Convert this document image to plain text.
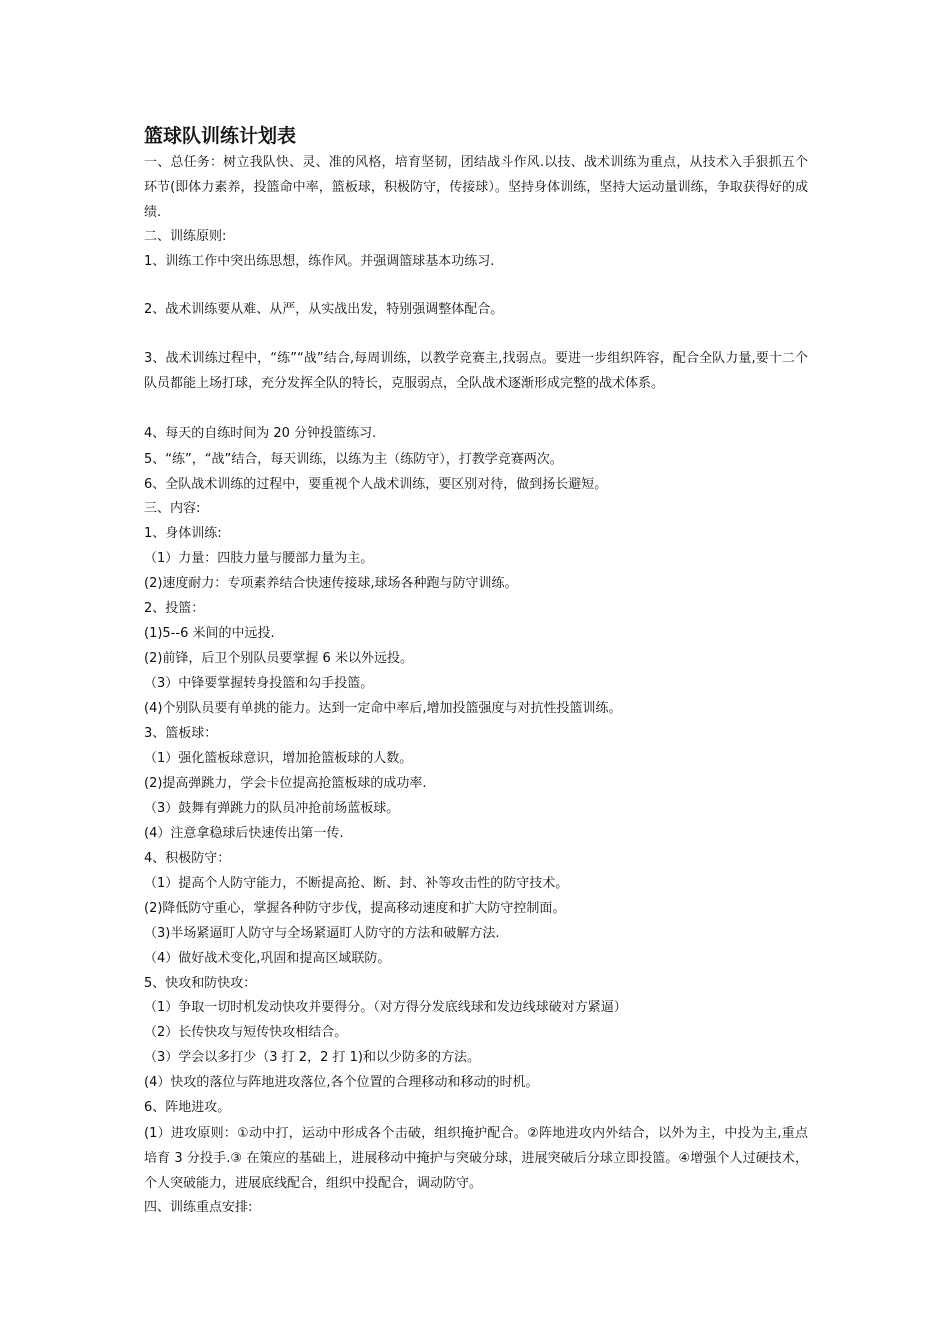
篮球队训练计划表
一、总任务：树立我队快、灵、准的风格，培育坚韧，团结战斗作风.以技、战术训练为重点，从技术入手狠抓五个环节(即体力素养，投篮命中率，篮板球，积极防守，传接球）。坚持身体训练，坚持大运动量训练，争取获得好的成绩.
二、训练原则:
1、训练工作中突出练思想，练作风。并强调篮球基本功练习.
2、战术训练要从难、从严，从实战出发，特别强调整体配合。
3、战术训练过程中，“练”“战”结合,每周训练，以教学竞赛主,找弱点。要进一步组织阵容，配合全队力量,要十二个队员都能上场打球，充分发挥全队的特长，克服弱点，全队战术逐渐形成完整的战术体系。
4、每天的自练时间为 20 分钟投篮练习.
5、“练”，“战”结合，每天训练，以练为主（练防守），打教学竞赛两次。
6、全队战术训练的过程中，要重视个人战术训练，要区别对待，做到扬长避短。
三、内容:
1、身体训练:
（1）力量：四肢力量与腰部力量为主。
(2)速度耐力：专项素养结合快速传接球,球场各种跑与防守训练。
2、投篮：
(1)5--6 米间的中远投.
(2)前锋，后卫个别队员要掌握 6 米以外远投。
（3）中锋要掌握转身投篮和勾手投篮。
(4)个别队员要有单挑的能力。达到一定命中率后,增加投篮强度与对抗性投篮训练。
3、篮板球：
（1）强化篮板球意识，增加抢篮板球的人数。
(2)提高弹跳力，学会卡位提高抢篮板球的成功率.
（3）鼓舞有弹跳力的队员冲抢前场蓝板球。
(4）注意拿稳球后快速传出第一传.
4、积极防守：
（1）提高个人防守能力，不断提高抢、断、封、补等攻击性的防守技术。
(2)降低防守重心，掌握各种防守步伐，提高移动速度和扩大防守控制面。
（3)半场紧逼盯人防守与全场紧逼盯人防守的方法和破解方法.
（4）做好战术变化,巩固和提高区域联防。
5、快攻和防快攻：
（1）争取一切时机发动快攻并要得分。（对方得分发底线球和发边线球破对方紧逼）
（2）长传快攻与短传快攻相结合。
（3）学会以多打少（3 打 2，2 打 1)和以少防多的方法。
(4）快攻的落位与阵地进攻落位,各个位置的合理移动和移动的时机。
6、阵地进攻。
(1）进攻原则：①动中打，运动中形成各个击破，组织掩护配合。②阵地进攻内外结合，以外为主，中投为主,重点培育 3 分投手.③ 在策应的基础上，进展移动中掩护与突破分球，进展突破后分球立即投篮。④增强个人过硬技术，个人突破能力，进展底线配合，组织中投配合，调动防守。
四、训练重点安排:
